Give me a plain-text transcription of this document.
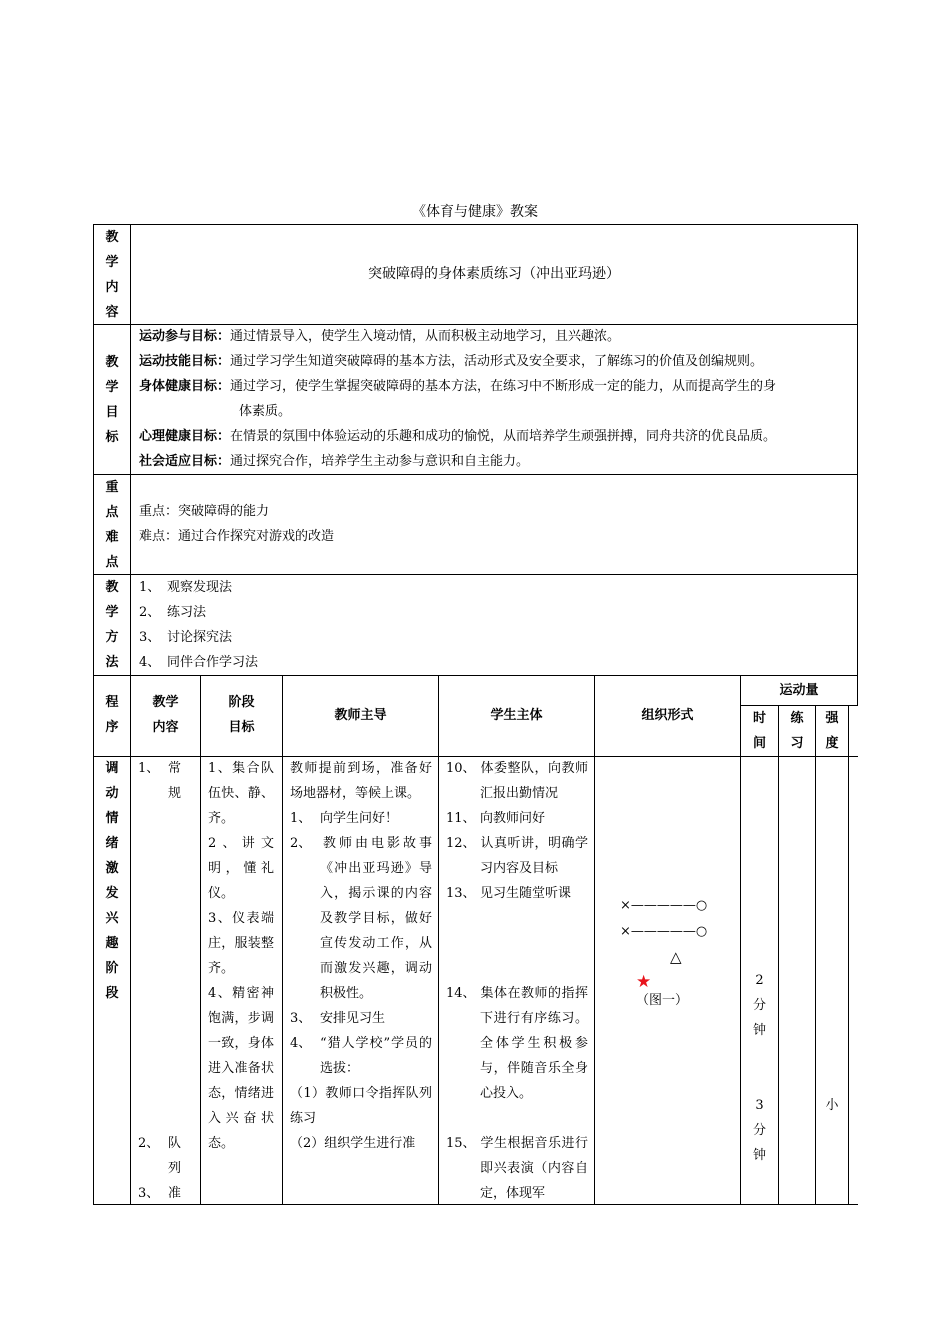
《体育与健康》教案
教
学
内
容
突破障碍的身体素质练习（冲出亚玛逊）
教
学
目
标
运动参与目标：通过情景导入，使学生入境动情，从而积极主动地学习，且兴趣浓。
运动技能目标：通过学习学生知道突破障碍的基本方法，活动形式及安全要求，了解练习的价值及创编规则。
身体健康目标：通过学习，使学生掌握突破障碍的基本方法，在练习中不断形成一定的能力，从而提高学生的身
体素质。
心理健康目标：在情景的氛围中体验运动的乐趣和成功的愉悦，从而培养学生顽强拼搏，同舟共济的优良品质。
社会适应目标：通过探究合作，培养学生主动参与意识和自主能力。
重
点
难
点
重点：突破障碍的能力
难点：通过合作探究对游戏的改造
教
学
方
法
1、 观察发现法
2、 练习法
3、 讨论探究法
4、 同伴合作学习法
程
序
教学
内容
阶段
目标
教师主导	学生主体	组织形式
运动量
时
间
练
习
强
度
调
动
情
绪
激
发
兴
趣
阶
段
1、 常规
2、 队列
3、 准
1、集合队伍快、静、齐。
2、讲文明，懂礼仪。
3、仪表端庄，服装整齐。
4、精密神饱满，步调一致，身体进入准备状态，情绪进入兴奋状态。
教师提前到场，准备好场地器材，等候上课。
1、 向学生问好！
2、 教师由电影故事《冲出亚玛逊》导入，揭示课的内容及教学目标，做好宣传发动工作，从而激发兴趣，调动积极性。
3、 安排见习生
4、 “猎人学校”学员的选拔：
（1）教师口令指挥队列练习
（2）组织学生进行准
10、 体委整队，向教师汇报出勤情况
11、 向教师问好
12、 认真听讲，明确学习内容及目标
13、 见习生随堂听课
14、 集体在教师的指挥下进行有序练习。全体学生积极参与，伴随音乐全身心投入。
15、 学生根据音乐进行即兴表演（内容自定，体现军
×—————○
×—————○
△
★
（图一）
2
分
钟
3
分
钟
小
